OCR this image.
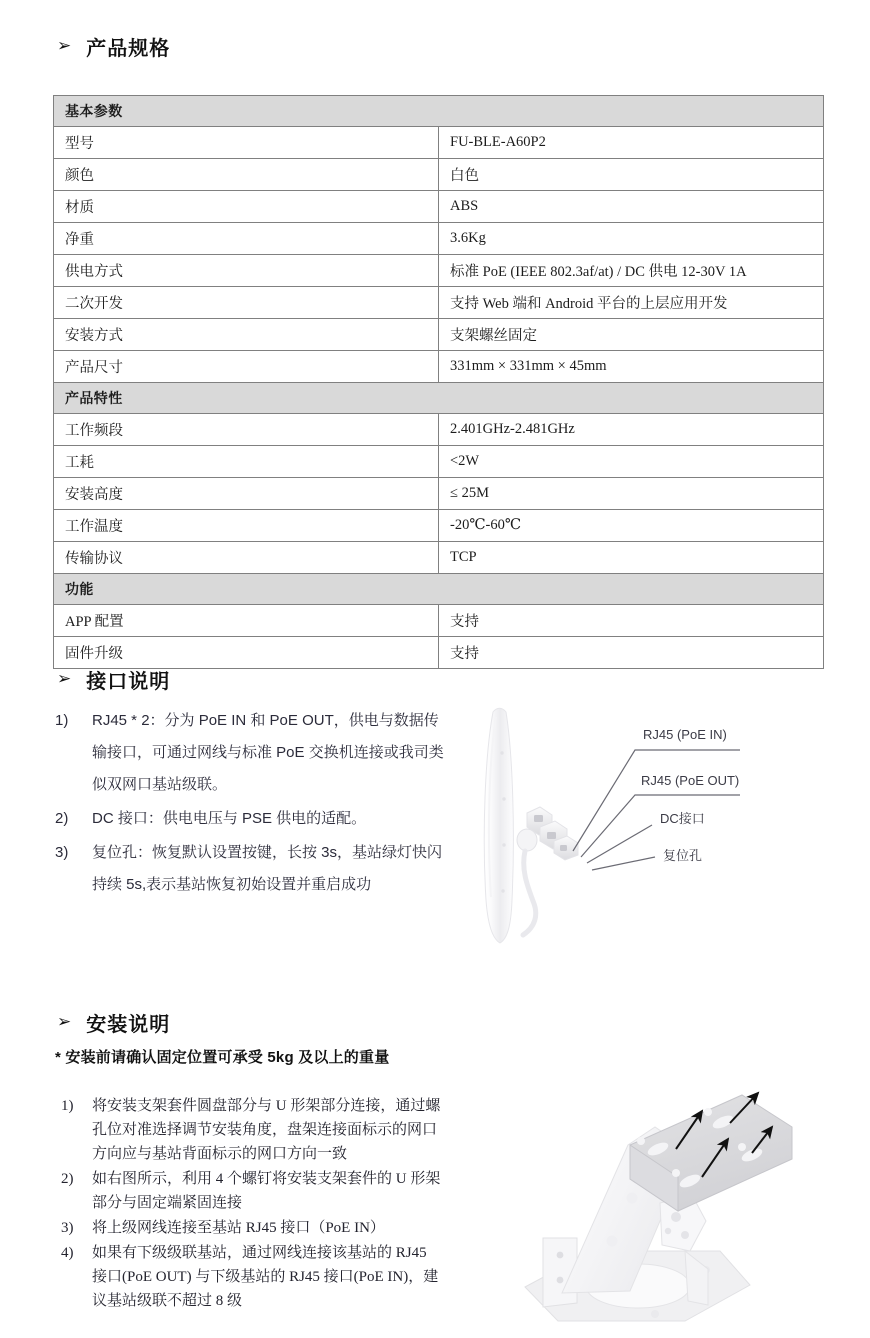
➢ 产品规格
基本参数	
型号	FU-BLE-A60P2
颜色	白色
材质	ABS
净重	3.6Kg
供电方式	标准 PoE (IEEE 802.3af/at) / DC 供电 12-30V 1A
二次开发	支持 Web 端和 Android 平台的上层应用开发
安装方式	支架螺丝固定
产品尺寸	331mm × 331mm × 45mm
产品特性	
工作频段	2.401GHz-2.481GHz
工耗	<2W
安装高度	≤ 25M
工作温度	-20℃-60℃
传输协议	TCP
功能	
APP 配置	支持
固件升级	支持
➢ 接口说明
1)	RJ45 * 2：分为 PoE IN 和 PoE OUT，供电与数据传输接口，可通过网线与标准 PoE 交换机连接或我司类似双网口基站级联。
2)	DC 接口：供电电压与 PSE 供电的适配。
3)	复位孔：恢复默认设置按键，长按 3s，基站绿灯快闪持续 5s,表示基站恢复初始设置并重启成功
RJ45 (PoE IN)
RJ45 (PoE OUT)
DC接口
复位孔
➢ 安装说明
* 安装前请确认固定位置可承受 5kg 及以上的重量
1)	将安装支架套件圆盘部分与 U 形架部分连接，通过螺孔位对准选择调节安装角度，盘架连接面标示的网口方向应与基站背面标示的网口方向一致
2)	如右图所示，利用 4 个螺钉将安装支架套件的 U 形架部分与固定端紧固连接
3)	将上级网线连接至基站 RJ45 接口（PoE IN）
4)	如果有下级级联基站，通过网线连接该基站的 RJ45 接口(PoE OUT) 与下级基站的 RJ45 接口(PoE IN)，建议基站级联不超过 8 级
